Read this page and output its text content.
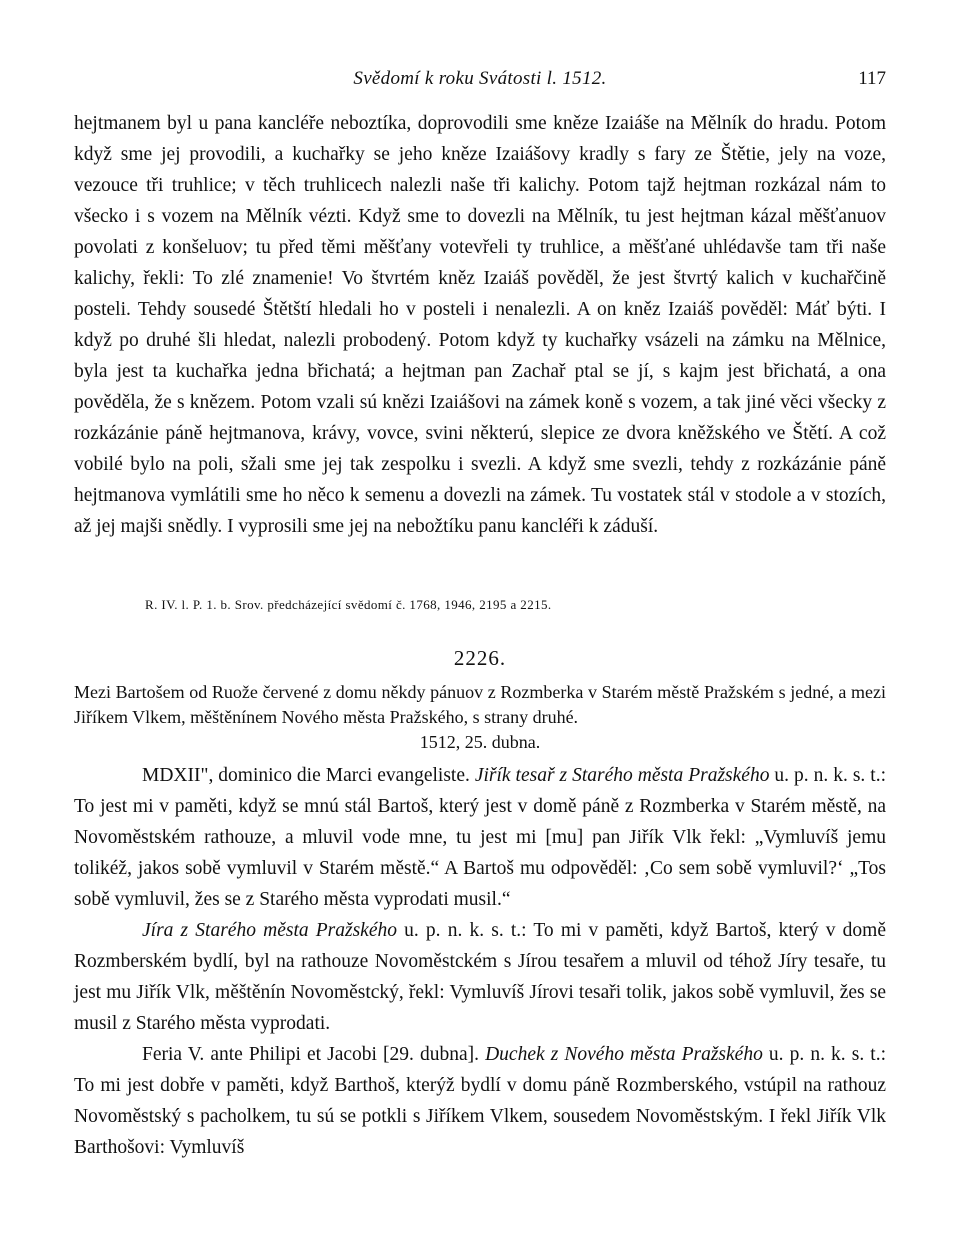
Svědomí k roku Svátosti l. 1512.	117

hejtmanem byl u pana kancléře neboztíka, doprovodili sme kněze Izaiáše na Mělník do hradu. Potom když sme jej provodili, a kuchařky se jeho kněze Izaiášovy kradly s fary ze Štětie, jely na voze, vezouce tři truhlice; v těch truhlicech nalezli naše tři kalichy. Potom tajž hejtman rozkázal nám to všecko i s vozem na Mělník vézti. Když sme to dovezli na Mělník, tu jest hejtman kázal měšťanuov povolati z konšeluov; tu před těmi měšťany votevřeli ty truhlice, a měšťané uhlédavše tam tři naše kalichy, řekli: To zlé znamenie! Vo štvrtém kněz Izaiáš pověděl, že jest štvrtý kalich v kuchařčině posteli. Tehdy sousedé Štětští hledali ho v posteli i nenalezli. A on kněz Izaiáš pověděl: Máť býti. I když po druhé šli hledat, nalezli probodený. Potom když ty kuchařky vsázeli na zámku na Mělnice, byla jest ta kuchařka jedna břichatá; a hejtman pan Zachař ptal se jí, s kajm jest břichatá, a ona pověděla, že s knězem. Potom vzali sú knězi Izaiášovi na zámek koně s vozem, a tak jiné věci všecky z rozkázánie páně hejtmanova, krávy, vovce, svini některú, slepice ze dvora kněžského ve Štětí. A což vobilé bylo na poli, sžali sme jej tak zespolku i svezli. A když sme svezli, tehdy z rozkázánie páně hejtmanova vymlátili sme ho něco k semenu a dovezli na zámek. Tu vostatek stál v stodole a v stozích, až jej mајši snědly. I vyprosili sme jej na nebožtíku panu kancléři k záduší.

R. IV. l. P. 1. b. Srov. předcházející svědomí č. 1768, 1946, 2195 a 2215.
2226.
Mezi Bartošem od Ruože červené z domu někdy pánuov z Rozmberka v Starém městě Pražském s jedné, a mezi Jiříkem Vlkem, měštěnínem Nového města Pražského, s strany druhé.
1512, 25. dubna.

MDXII", dominico die Marci evangeliste. Jiřík tesař z Starého města Pražského u. p. n. k. s. t.: To jest mi v paměti, když se mnú stál Bartoš, který jest v domě páně z Rozmberka v Starém městě, na Novoměstském rathouze, a mluvil vode mne, tu jest mi [mu] pan Jiřík Vlk řekl: „Vymluvíš jemu tolikéž, jakos sobě vymluvil v Starém městě.“ A Bartoš mu odpověděl: ‚Co sem sobě vymluvil?‘ „Tos sobě vymluvil, žes se z Starého města vyprodati musil.“

Jíra z Starého města Pražského u. p. n. k. s. t.: To mi v paměti, když Bartoš, který v domě Rozmberském bydlí, byl na rathouze Novoměstckém s Jírou tesařem a mluvil od téhož Jíry tesaře, tu jest mu Jiřík Vlk, měštěnín Novoměstcký, řekl: Vymluvíš Jírovi tesaři tolik, jakos sobě vymluvil, žes se musil z Starého města vyprodati.

Feria V. ante Philipi et Jacobi [29. dubna]. Duchek z Nového města Pražského u. p. n. k. s. t.: To mi jest dobře v paměti, když Barthoš, kterýž bydlí v domu páně Rozmberského, vstúpil na rathouz Novoměstský s pacholkem, tu sú se potkli s Jiříkem Vlkem, sousedem Novoměstským. I řekl Jiřík Vlk Barthošovi: Vymluvíš
